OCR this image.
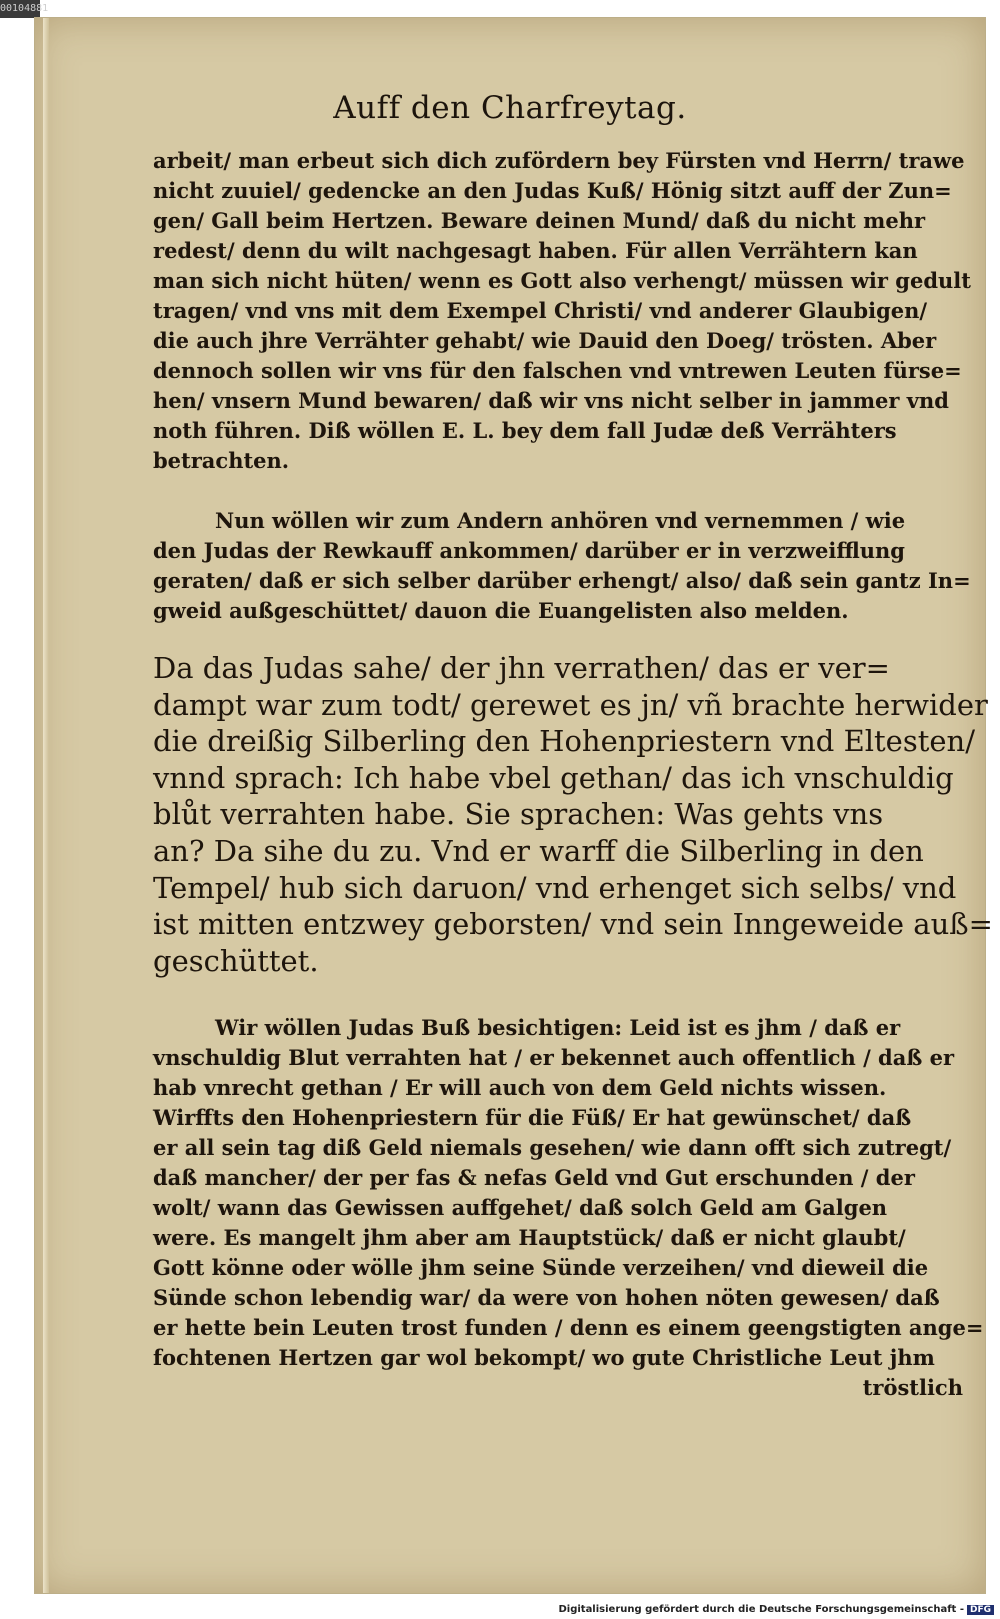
00104881
Auff den Charfreytag.
arbeit/ man erbeut sich dich zufördern bey Fürsten vnd Herrn/ trawe
nicht zuuiel/ gedencke an den Judas Kuß/ Hönig sitzt auff der Zun=
gen/ Gall beim Hertzen. Beware deinen Mund/ daß du nicht mehr
redest/ denn du wilt nachgesagt haben. Für allen Verrähtern kan
man sich nicht hüten/ wenn es Gott also verhengt/ müssen wir gedult
tragen/ vnd vns mit dem Exempel Christi/ vnd anderer Glaubigen/
die auch jhre Verrähter gehabt/ wie Dauid den Doeg/ trösten. Aber
dennoch sollen wir vns für den falschen vnd vntrewen Leuten fürse=
hen/ vnsern Mund bewaren/ daß wir vns nicht selber in jammer vnd
noth führen. Diß wöllen E. L. bey dem fall Judæ deß Verrähters
betrachten.
Nun wöllen wir zum Andern anhören vnd vernemmen / wie
den Judas der Rewkauff ankommen/ darüber er in verzweifflung
geraten/ daß er sich selber darüber erhengt/ also/ daß sein gantz In=
gweid außgeschüttet/ dauon die Euangelisten also melden.
Da das Judas sahe/ der jhn verrathen/ das er ver=
dampt war zum todt/ gerewet es jn/ vñ brachte herwider
die dreißig Silberling den Hohenpriestern vnd Eltesten/
vnnd sprach: Ich habe vbel gethan/ das ich vnschuldig
blůt verrahten habe. Sie sprachen: Was gehts vns
an? Da sihe du zu. Vnd er warff die Silberling in den
Tempel/ hub sich daruon/ vnd erhenget sich selbs/ vnd
ist mitten entzwey geborsten/ vnd sein Inngeweide auß=
geschüttet.
Wir wöllen Judas Buß besichtigen: Leid ist es jhm / daß er
vnschuldig Blut verrahten hat / er bekennet auch offentlich / daß er
hab vnrecht gethan / Er will auch von dem Geld nichts wissen.
Wirffts den Hohenpriestern für die Füß/ Er hat gewünschet/ daß
er all sein tag diß Geld niemals gesehen/ wie dann offt sich zutregt/
daß mancher/ der per fas & nefas Geld vnd Gut erschunden / der
wolt/ wann das Gewissen auffgehet/ daß solch Geld am Galgen
were. Es mangelt jhm aber am Hauptstück/ daß er nicht glaubt/
Gott könne oder wölle jhm seine Sünde verzeihen/ vnd dieweil die
Sünde schon lebendig war/ da were von hohen nöten gewesen/ daß
er hette bein Leuten trost funden / denn es einem geengstigten ange=
fochtenen Hertzen gar wol bekompt/ wo gute Christliche Leut jhm
tröstlich
Digitalisierung gefördert durch die Deutsche Forschungsgemeinschaft - DFG
